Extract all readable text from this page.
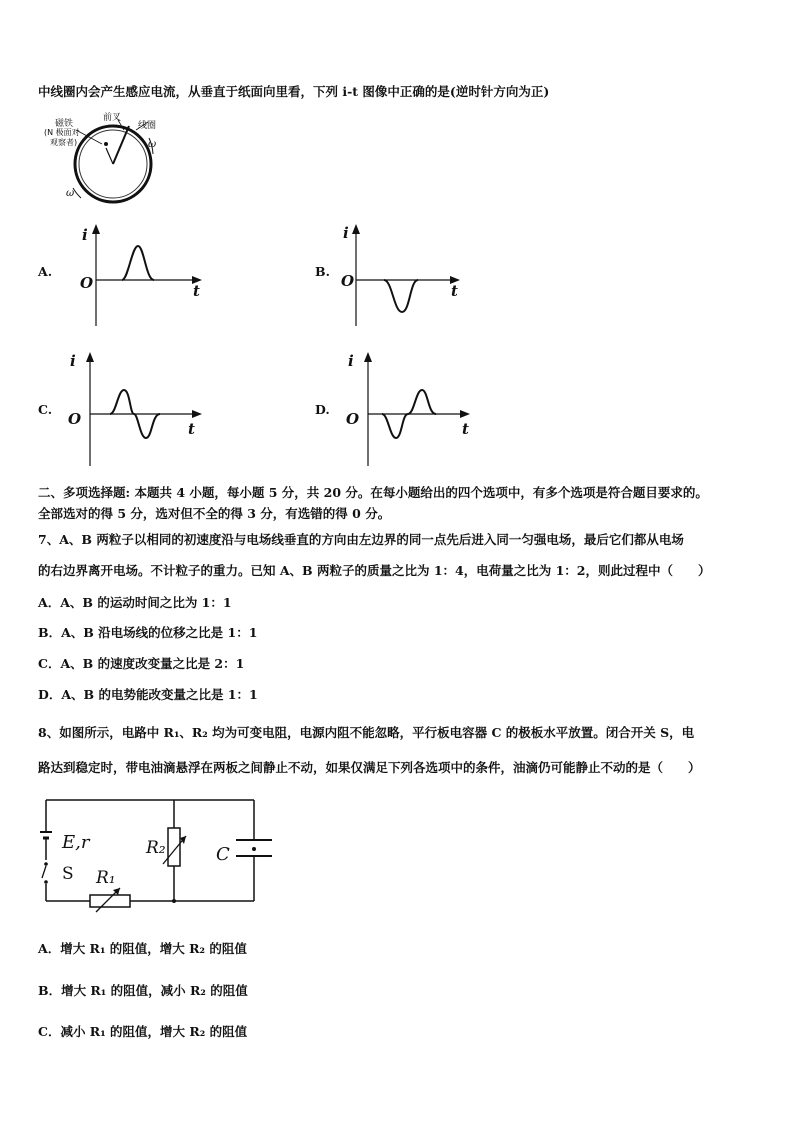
中线圈内会产生感应电流，从垂直于纸面向里看，下列 i-t 图像中正确的是(逆时针方向为正)
磁铁
(N 极面对
观察者)
前叉
线圈
ω
ω
A.
i
O	t
B.
i
O
t
C.
i
O
t
D.
i
O
t
二、多项选择题: 本题共 4 小题，每小题 5 分，共 20 分。在每小题给出的四个选项中，有多个选项是符合题目要求的。
全部选对的得 5 分，选对但不全的得 3 分，有选错的得 0 分。
7、A、B 两粒子以相同的初速度沿与电场线垂直的方向由左边界的同一点先后进入同一匀强电场，最后它们都从电场
的右边界离开电场。不计粒子的重力。已知 A、B 两粒子的质量之比为 1：4，电荷量之比为 1：2，则此过程中（　　）
A．A、B 的运动时间之比为 1：1
B．A、B 沿电场线的位移之比是 1：1
C．A、B 的速度改变量之比是 2：1
D．A、B 的电势能改变量之比是 1：1
8、如图所示，电路中 R₁、R₂ 均为可变电阻，电源内阻不能忽略，平行板电容器 C 的极板水平放置。闭合开关 S，电
路达到稳定时，带电油滴悬浮在两板之间静止不动，如果仅满足下列各选项中的条件，油滴仍可能静止不动的是（　　）
E,r	R₂	C
S R₁
A．增大 R₁ 的阻值，增大 R₂ 的阻值
B．增大 R₁ 的阻值，减小 R₂ 的阻值
C．减小 R₁ 的阻值，增大 R₂ 的阻值
